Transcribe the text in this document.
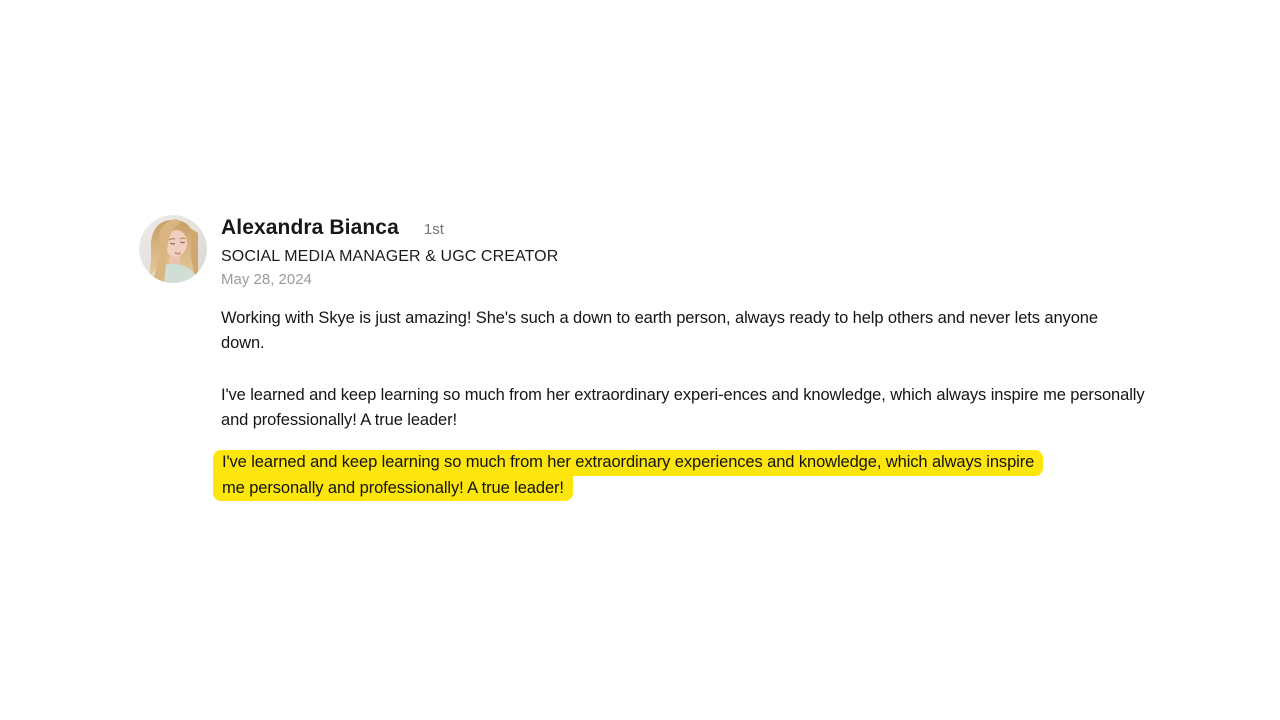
Alexandra Bianca 1st
SOCIAL MEDIA MANAGER & UGC CREATOR
May 28, 2024

Working with Skye is just amazing! She's such a down to earth person, always ready to help others and never lets anyone down.

I've learned and keep learning so much from her extraordinary experi-ences and knowledge, which always inspire me personally and professionally! A true leader!

I've learned and keep learning so much from her extraordinary experiences and knowledge, which always inspire
me personally and professionally! A true leader!
